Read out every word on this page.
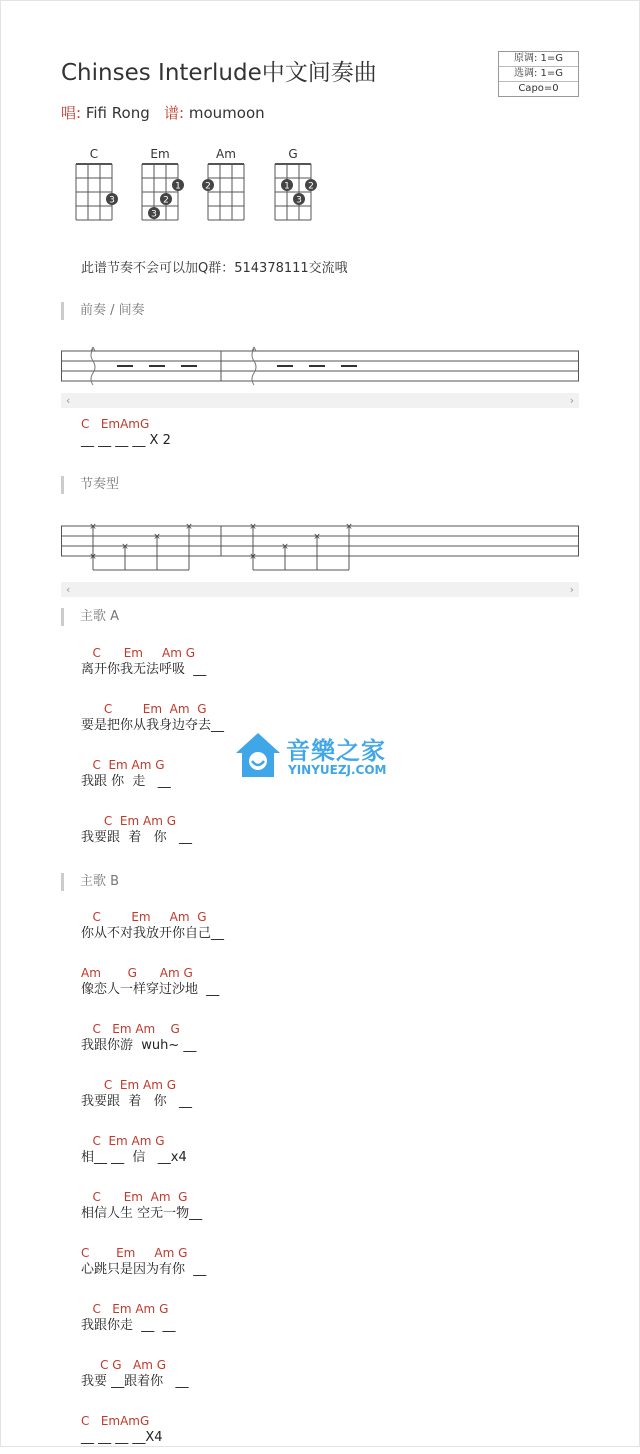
Chinses Interlude中文间奏曲
唱: Fifi Rong 谱: moumoon
原调: 1=G
选调: 1=G
Capo=0
C
3
Em
1
2
3
Am
2
G
1 2
3
此谱节奏不会可以加Q群：514378111交流哦
前奏 / 间奏
‹	›
C   EmAmG
__ __ __ __ X 2
节奏型
×
×
×
×
×	×
×
×
×
×
‹	›
主歌 A
C      Em     Am G
离开你我无法呼吸  __
C        Em  Am  G
要是把你从我身边夺去__
C  Em Am G
我跟 你  走   __
C  Em Am G
我要跟  着   你   __
音樂之家
YINYUEZJ.COM
主歌 B
C        Em     Am  G
你从不对我放开你自己__
Am       G      Am G
像恋人一样穿过沙地  __
C   Em Am    G
我跟你游  wuh~ __
C  Em Am G
我要跟  着   你   __
C  Em Am G
相__ __  信   __x4
C      Em  Am  G
相信人生 空无一物__
C       Em     Am G
心跳只是因为有你  __
C   Em Am G
我跟你走  __  __
C G   Am G
我要 __跟着你   __
C   EmAmG
__ __ __ __X4
